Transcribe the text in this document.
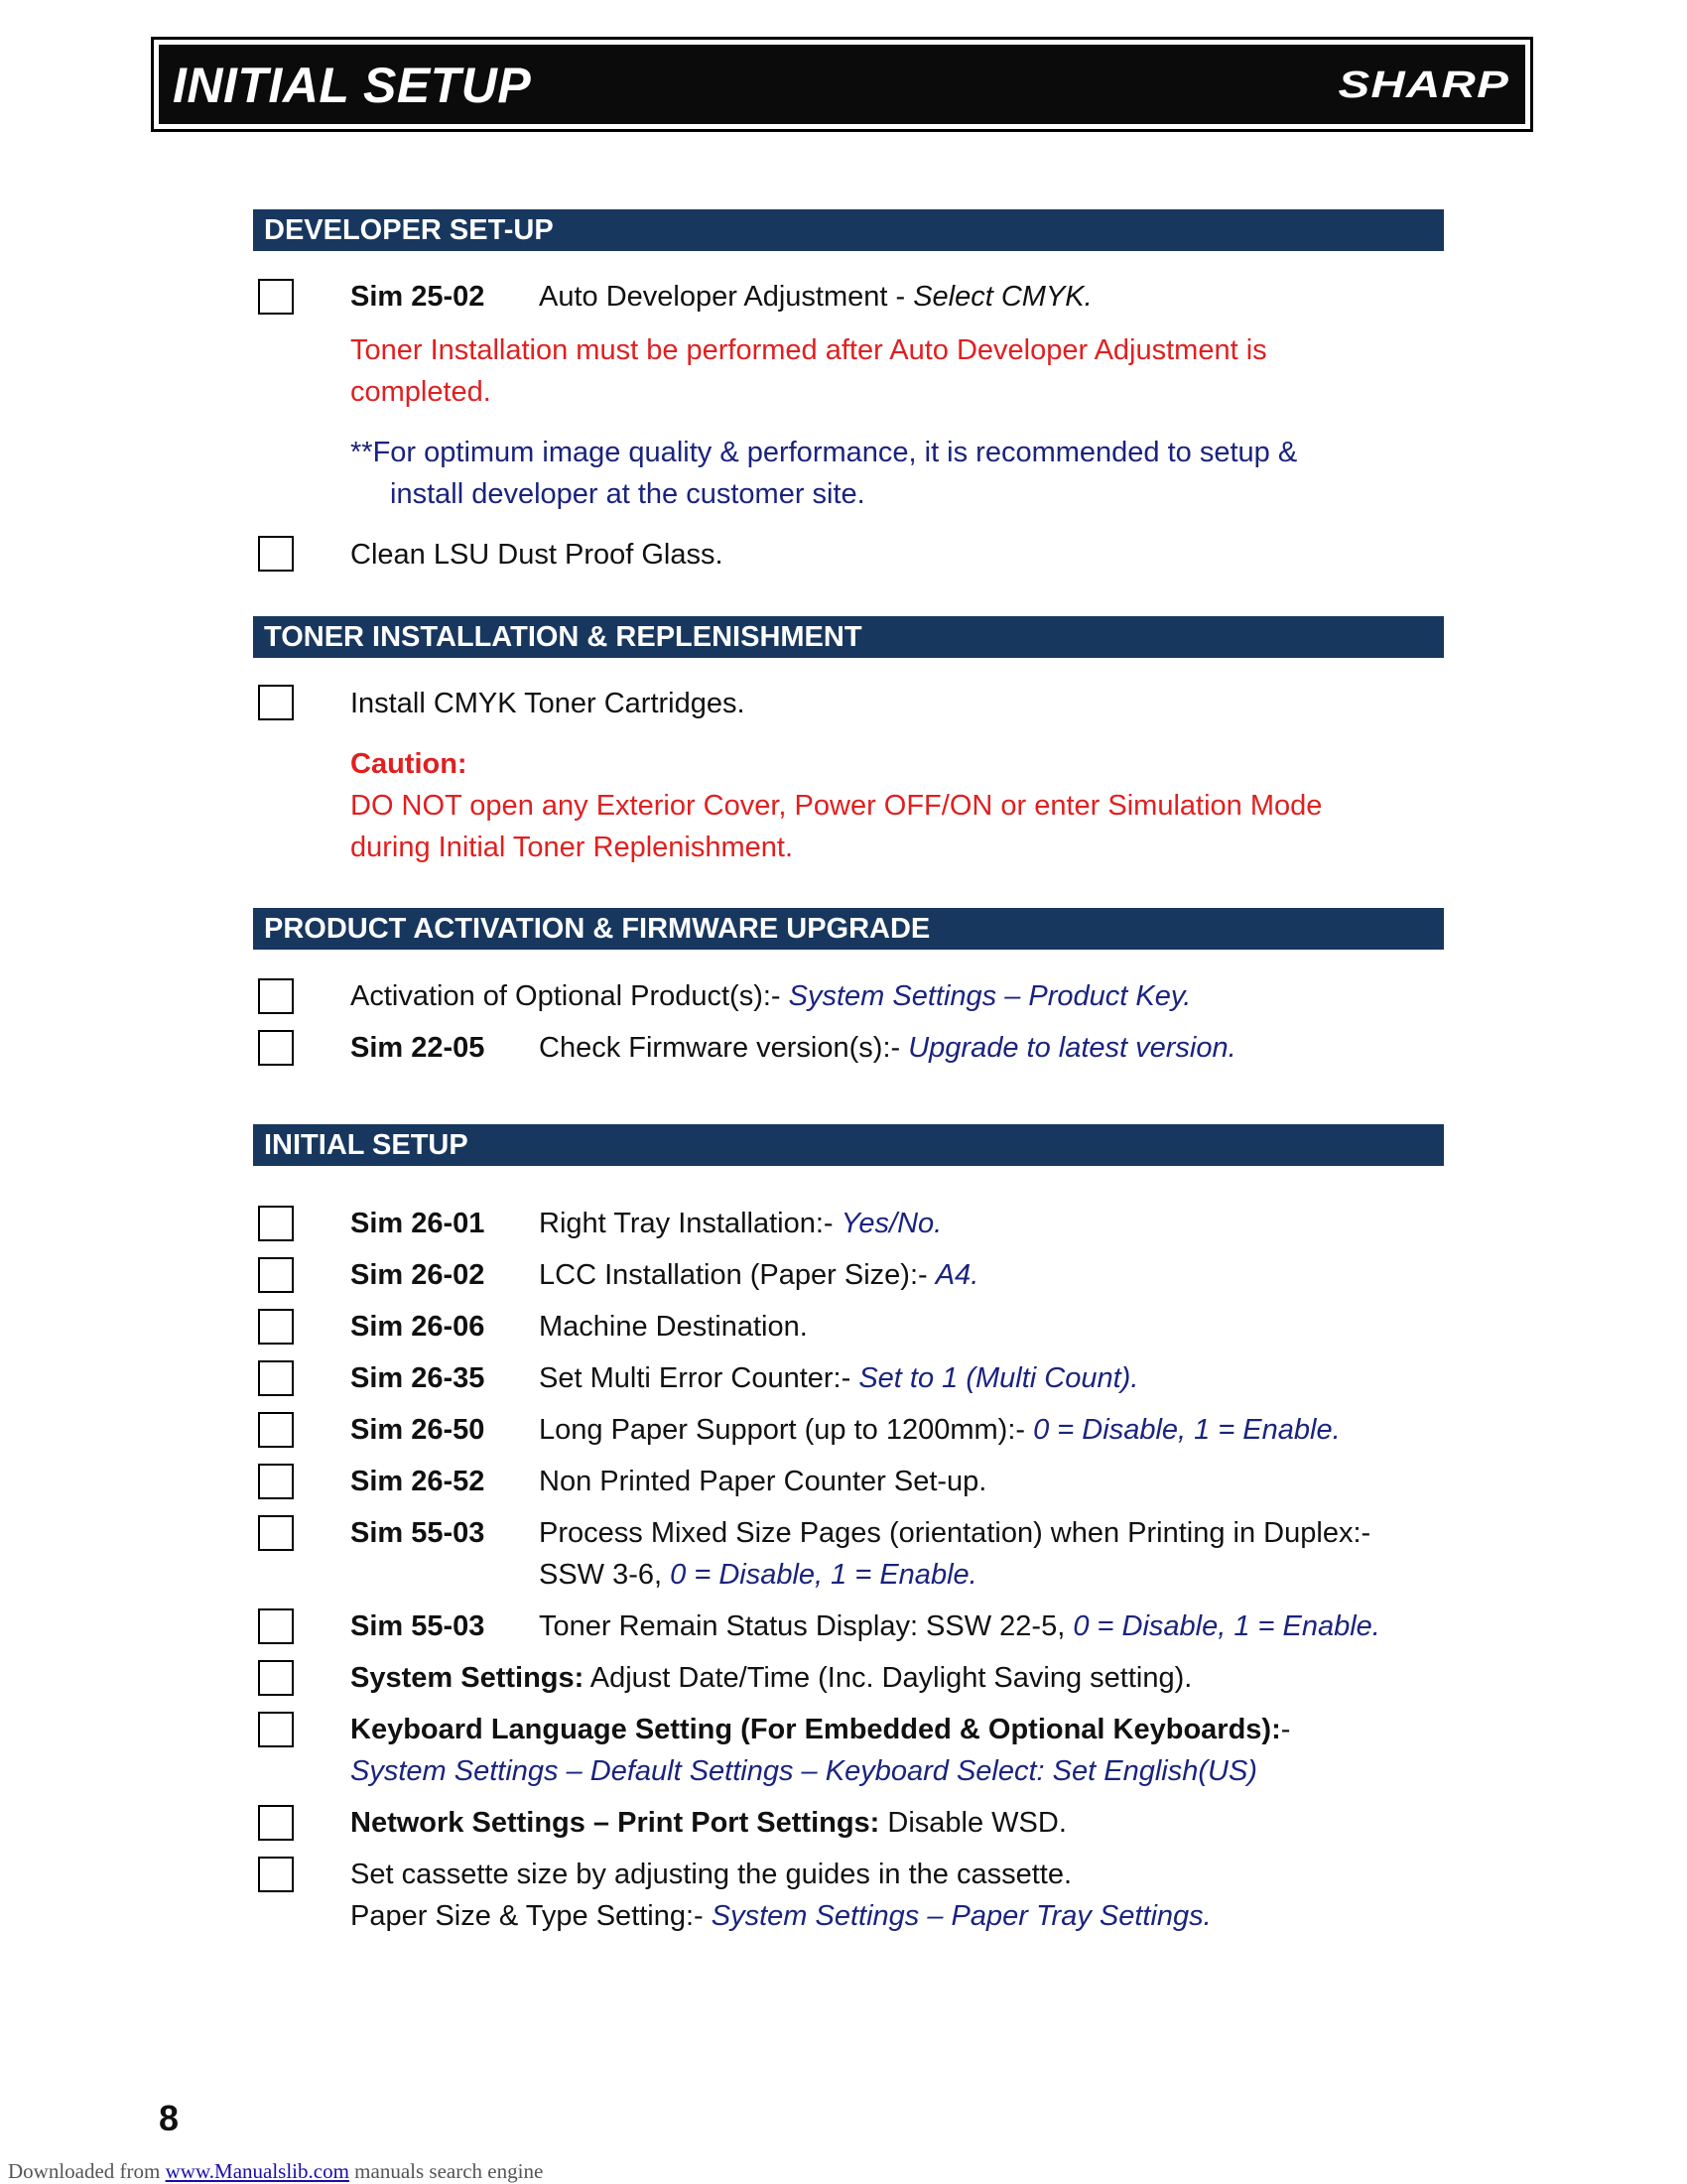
INITIAL SETUP	SHARP
DEVELOPER SET-UP
Sim 25-02 Auto Developer Adjustment - Select CMYK.
Toner Installation must be performed after Auto Developer Adjustment is
completed.
**For optimum image quality & performance, it is recommended to setup &
install developer at the customer site.
Clean LSU Dust Proof Glass.
TONER INSTALLATION & REPLENISHMENT
Install CMYK Toner Cartridges.
Caution:
DO NOT open any Exterior Cover, Power OFF/ON or enter Simulation Mode
during Initial Toner Replenishment.
PRODUCT ACTIVATION & FIRMWARE UPGRADE
Activation of Optional Product(s):- System Settings – Product Key.
Sim 22-05 Check Firmware version(s):- Upgrade to latest version.
INITIAL SETUP
Sim 26-01 Right Tray Installation:- Yes/No.
Sim 26-02 LCC Installation (Paper Size):- A4.
Sim 26-06 Machine Destination.
Sim 26-35 Set Multi Error Counter:- Set to 1 (Multi Count).
Sim 26-50 Long Paper Support (up to 1200mm):- 0 = Disable, 1 = Enable.
Sim 26-52 Non Printed Paper Counter Set-up.
Sim 55-03 Process Mixed Size Pages (orientation) when Printing in Duplex:-
SSW 3-6, 0 = Disable, 1 = Enable.
Sim 55-03 Toner Remain Status Display: SSW 22-5, 0 = Disable, 1 = Enable.
System Settings: Adjust Date/Time (Inc. Daylight Saving setting).
Keyboard Language Setting (For Embedded & Optional Keyboards):-
System Settings – Default Settings – Keyboard Select: Set English(US)
Network Settings – Print Port Settings: Disable WSD.
Set cassette size by adjusting the guides in the cassette.
Paper Size & Type Setting:- System Settings – Paper Tray Settings.
8
Downloaded from www.Manualslib.com manuals search engine
